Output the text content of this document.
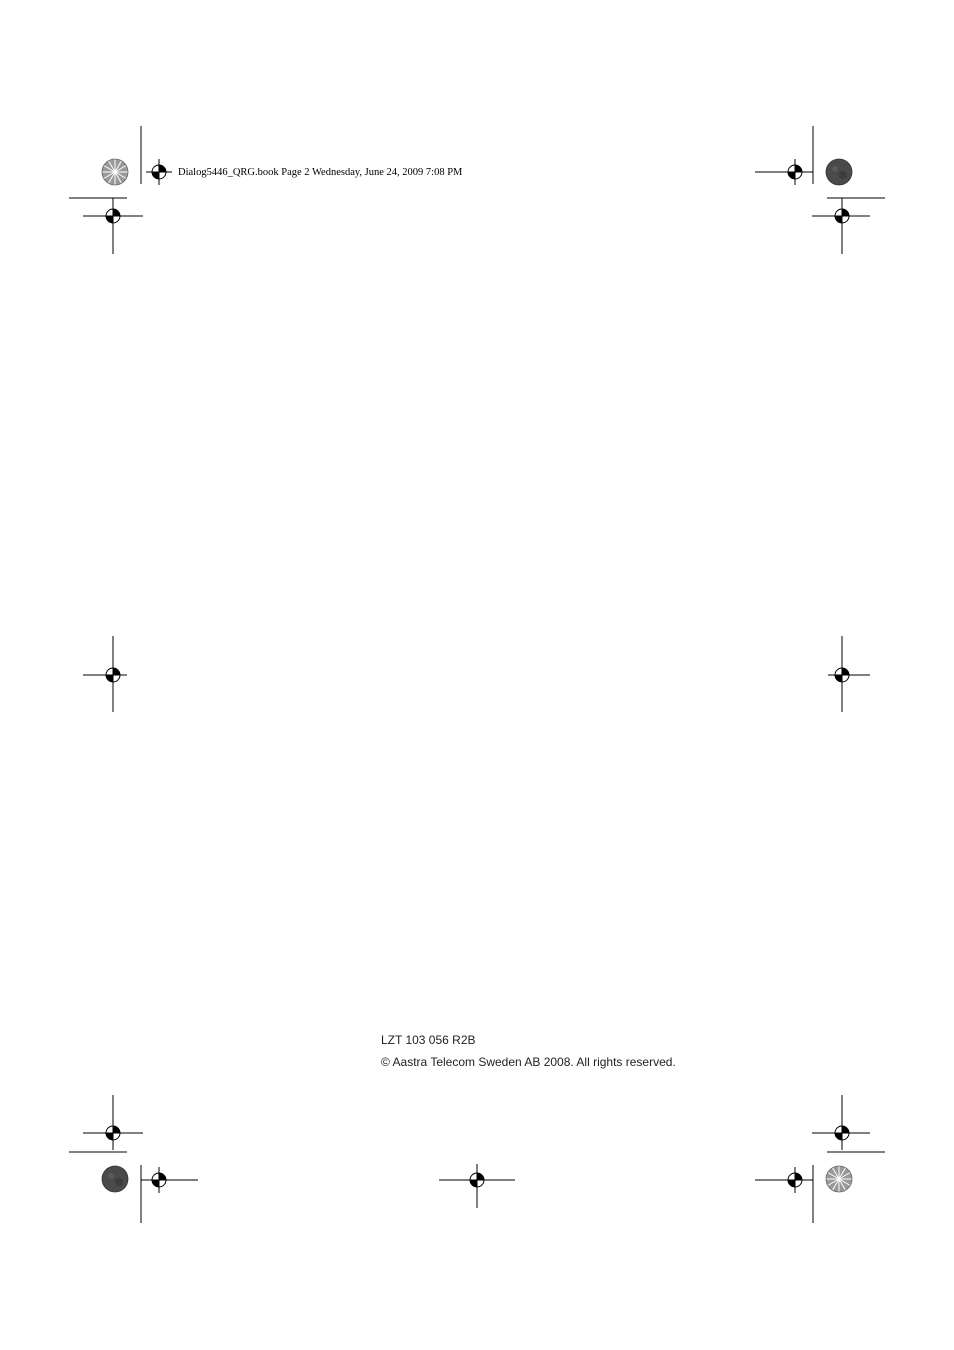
Dialog5446_QRG.book Page 2 Wednesday, June 24, 2009 7:08 PM
LZT 103 056 R2B
© Aastra Telecom Sweden AB 2008. All rights reserved.
